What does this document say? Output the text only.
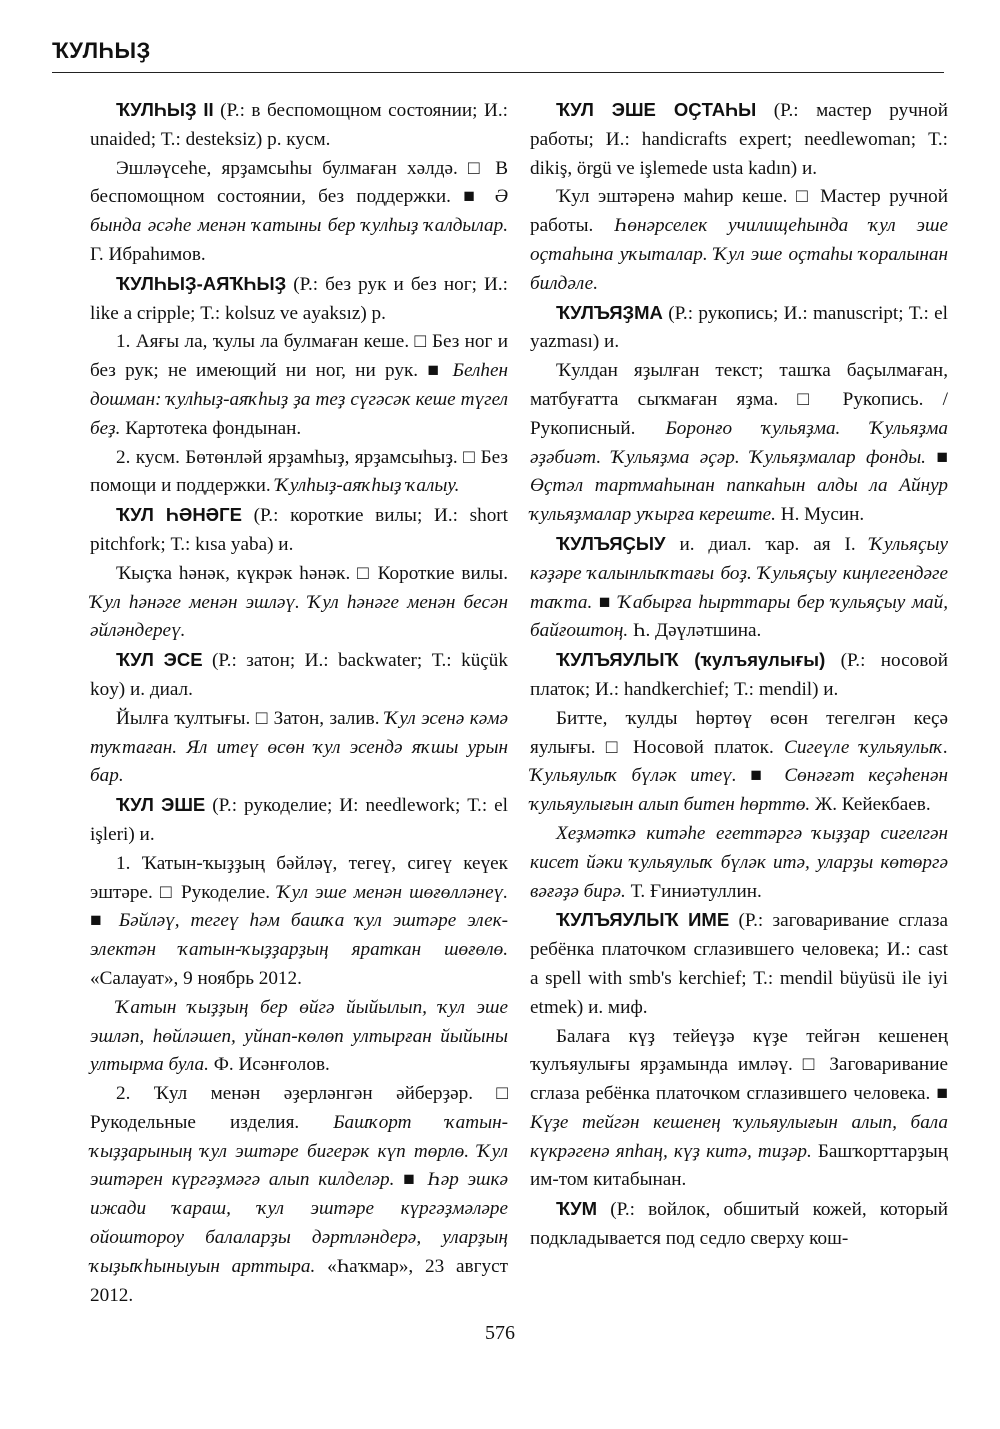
ҠУЛҺЫҘ

ҠУЛҺЫҘ II (Р.: в беспомощном состоянии; И.: unaided; Т.: desteksiz) р. кусм.

Эшләүсеһе, ярҙамсыһы булмаған хәлдә. □ В беспомощном состоянии, без поддержки. ■ Ә бында әсәһе менән ҡатыны бер ҡулһыҙ ҡалдылар. Г. Ибраһимов.

ҠУЛҺЫҘ-АЯҠҺЫҘ (Р.: без рук и без ног; И.: like a cripple; Т.: kolsuz ve ayaksız) р.

1. Аяғы ла, ҡулы ла булмаған кеше. □ Без ног и без рук; не имеющий ни ног, ни рук. ■ Белһен дошман: ҡулһыҙ-аяҡһыҙ ҙа теҙ сүгәсәк кеше түгел беҙ. Картотека фондынан.

2. кусм. Бөтөнләй ярҙамһыҙ, ярҙамсыһыҙ. □ Без помощи и поддержки. Ҡулһыҙ-аяҡһыҙ ҡалыу.

ҠУЛ ҺӘНӘГЕ (Р.: короткие вилы; И.: short pitchfork; Т.: kısa yaba) и.

Ҡыҫҡа һәнәк, күкрәк һәнәк. □ Короткие вилы. Ҡул һәнәге менән эшләү. Ҡул һәнәге менән бесән әйләндереү.

ҠУЛ ЭСЕ (Р.: затон; И.: backwater; Т.: küçük koy) и. диал.

Йылға ҡултығы. □ Затон, залив. Ҡул эсенә кәмә туҡтаған. Ял итеү өсөн ҡул эсендә яҡшы урын бар.

ҠУЛ ЭШЕ (Р.: рукоделие; И: needlework; Т.: el işleri) и.

1. Ҡатын-ҡыҙҙың бәйләү, тегеү, сигеү кеүек эштәре. □ Рукоделие. Ҡул эше менән шөғөлләнеү. ■ Бәйләү, тегеү һәм башҡа ҡул эштәре элек-электән ҡатын-ҡыҙҙарҙың яраткан шөғөлө. «Салауат», 9 ноябрь 2012.

Ҡатын ҡыҙҙың бер өйгә йыйылып, ҡул эше эшләп, һөйләшеп, уйнап-көлөп ултырған йыйыны ултырма була. Ф. Исәнғолов.

2. Ҡул менән әҙерләнгән әйберҙәр. □ Рукодельные изделия. Башҡорт ҡатын-ҡыҙҙарының ҡул эштәре бигерәк күп төрлө. Ҡул эштәрен күргәҙмәгә алып килделәр. ■ Һәр эшкә ижади ҡараш, ҡул эштәре күргәҙмәләре ойоштороу балаларҙы дәртләндерә, уларҙың ҡыҙыҡһыныуын арттыра. «Һаҡмар», 23 август 2012.

ҠУЛ ЭШЕ ОҪТАҺЫ (Р.: мастер ручной работы; И.: handicrafts expert; needlewoman; Т.: dikiş, örgü ve işlemede usta kadın) и.

Ҡул эштәренә маһир кеше. □ Мастер ручной работы. Һөнәрселек училищеһында ҡул эше оҫтаһына уҡыталар. Ҡул эше оҫтаһы ҡоралынан билдәле.

ҠУЛЪЯҘМА (Р.: рукопись; И.: manuscript; Т.: el yazması) и.

Ҡулдан яҙылған текст; ташҡа баҫылмаған, матбуғатта сыҡмаған яҙма. □ Рукопись. / Рукописный. Боронғо ҡульяҙма. Ҡульяҙма әҙәбиәт. Ҡульяҙма әҫәр. Ҡульяҙмалар фонды. ■ Өҫтәл тартмаһынан папкаһын алды ла Айнур ҡульяҙмалар уҡырға кереште. Н. Мусин.

ҠУЛЪЯҪЫУ и. диал. ҡар. ая I. Ҡульяҫыу кәҙәре ҡалынлыҡтағы боҙ. Ҡульяҫыу киңлегендәге таҡта. ■ Ҡабырға һырттары бер ҡульяҫыу май, байғоштоң. Һ. Дәүләтшина.

ҠУЛЪЯУЛЫҠ (ҡулъяулығы) (Р.: носовой платок; И.: handkerchief; Т.: mendil) и.

Битте, ҡулды һөртөү өсөн тегелгән кеҫә яулығы. □ Носовой платок. Сигеүле ҡульяулыҡ. Ҡульяулыҡ бүләк итеү. ■ Сөнәғәт кеҫәһенән ҡульяулығын алып битен һөрттө. Ж. Кейекбаев.

Хеҙмәткә китәһе егеттәргә ҡыҙҙар сигелгән кисет йәки ҡульяулыҡ бүләк итә, уларҙы көтөргә вәғәҙә бирә. Т. Ғиниәтуллин.

ҠУЛЪЯУЛЫҠ ИМЕ (Р.: заговаривание сглаза ребёнка платочком сглазившего человека; И.: cast a spell with smb's kerchief; Т.: mendil büyüsü ile iyi etmek) и. миф.

Балаға күҙ тейеүҙә күҙе тейгән кешенең ҡулъяулығы ярҙамында имләү. □ Заговаривание сглаза ребёнка платочком сглазившего человека. ■ Күҙе тейгән кешенең ҡульяулығын алып, бала күкрәгенә япһаң, күҙ китә, тиҙәр. Башҡорттарҙың им-том китабынан.

ҠУМ (Р.: войлок, обшитый кожей, который подкладывается под седло сверху кош-

576
